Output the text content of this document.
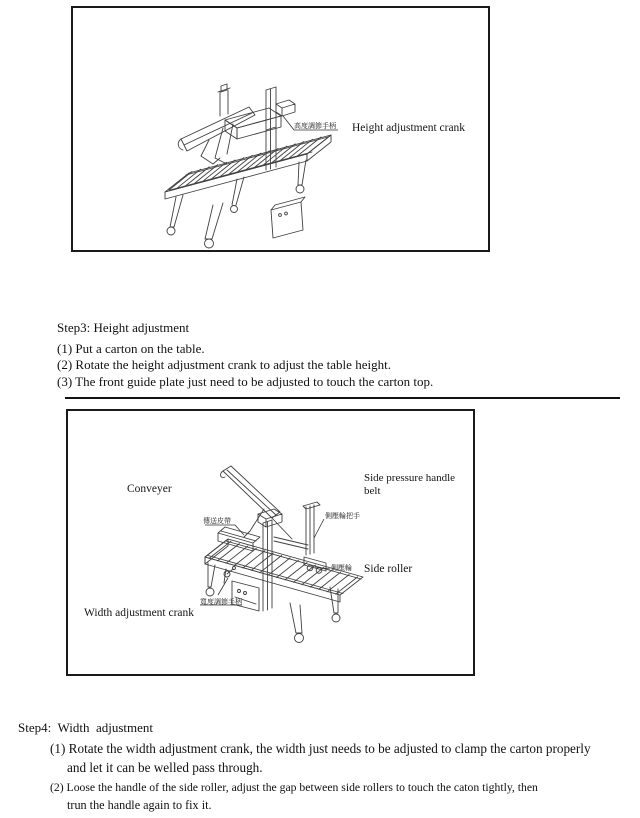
高度調節手柄 Height adjustment crank
Step3: Height adjustment
(1) Put a carton on the table.
(2) Rotate the height adjustment crank to adjust the table height.
(3) The front guide plate just need to be adjusted to touch the carton top.
Conveyer
Side pressure handle belt
傳送皮帶
側壓輪把手
側壓輪 Side roller
寬度調節手柄
Width adjustment crank
Step4:  Width  adjustment
(1) Rotate the width adjustment crank, the width just needs to be adjusted to clamp the carton properly
and let it can be welled pass through.
(2) Loose the handle of the side roller, adjust the gap between side rollers to touch the caton tightly, then
trun the handle again to fix it.
